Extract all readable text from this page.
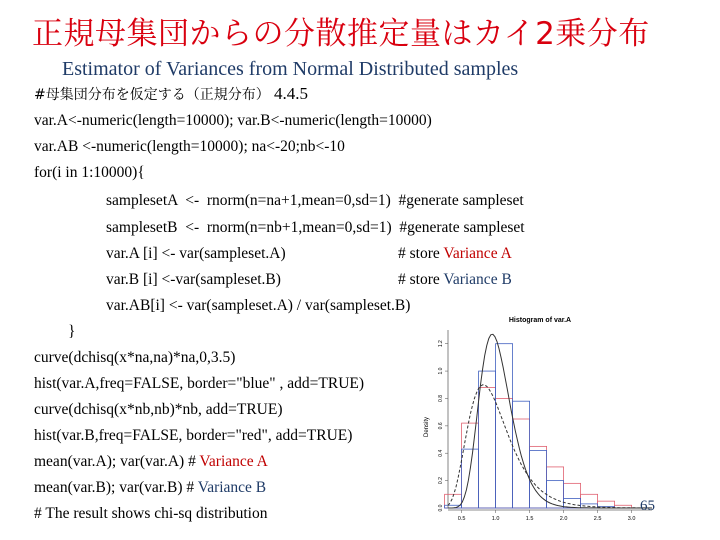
正規母集団からの分散推定量はカイ2乗分布
Estimator of Variances from Normal Distributed samples
#母集団分布を仮定する（正規分布） 4.4.5
var.A<-numeric(length=10000); var.B<-numeric(length=10000)
var.AB <-numeric(length=10000); na<-20;nb<-10
for(i in 1:10000){
samplesetA  <-  rnorm(n=na+1,mean=0,sd=1)  #generate sampleset
samplesetB  <-  rnorm(n=nb+1,mean=0,sd=1)  #generate sampleset
var.A [i] <- var(sampleset.A)	# store Variance A
var.B [i] <-var(sampleset.B)	# store Variance B
var.AB[i] <- var(sampleset.A) / var(sampleset.B)
}
curve(dchisq(x*na,na)*na,0,3.5)
hist(var.A,freq=FALSE, border="blue" , add=TRUE)
curve(dchisq(x*nb,nb)*nb, add=TRUE)
hist(var.B,freq=FALSE, border="red", add=TRUE)
mean(var.A); var(var.A) # Variance A
mean(var.B); var(var.B) # Variance B
# The result shows chi-sq distribution
Histogram of var.A
Density
0.0
0.2
0.4
0.6
0.8
1.0
1.2
0.5	1.0	1.5	2.0	2.5	3.0
65
